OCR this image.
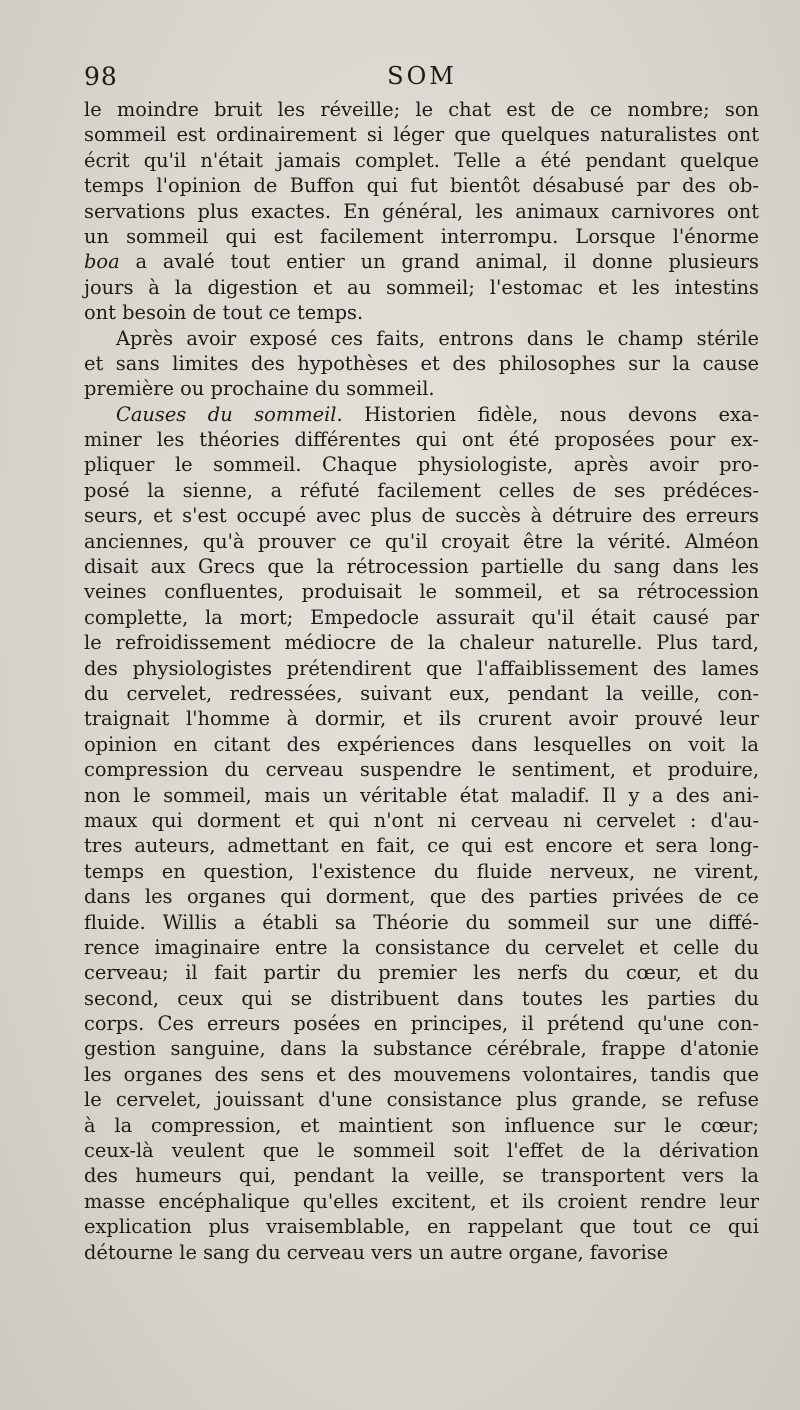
98	SOM
le moindre bruit les réveille; le chat est de ce nombre; son
sommeil est ordinairement si léger que quelques naturalistes ont
écrit qu'il n'était jamais complet. Telle a été pendant quelque
temps l'opinion de Buffon qui fut bientôt désabusé par des ob-
servations plus exactes. En général, les animaux carnivores ont
un sommeil qui est facilement interrompu. Lorsque l'énorme
boa a avalé tout entier un grand animal, il donne plusieurs
jours à la digestion et au sommeil; l'estomac et les intestins
ont besoin de tout ce temps.
Après avoir exposé ces faits, entrons dans le champ stérile
et sans limites des hypothèses et des philosophes sur la cause
première ou prochaine du sommeil.
Causes du sommeil. Historien fidèle, nous devons exa-
miner les théories différentes qui ont été proposées pour ex-
pliquer le sommeil. Chaque physiologiste, après avoir pro-
posé la sienne, a réfuté facilement celles de ses prédéces-
seurs, et s'est occupé avec plus de succès à détruire des erreurs
anciennes, qu'à prouver ce qu'il croyait être la vérité. Alméon
disait aux Grecs que la rétrocession partielle du sang dans les
veines confluentes, produisait le sommeil, et sa rétrocession
complette, la mort; Empedocle assurait qu'il était causé par
le refroidissement médiocre de la chaleur naturelle. Plus tard,
des physiologistes prétendirent que l'affaiblissement des lames
du cervelet, redressées, suivant eux, pendant la veille, con-
traignait l'homme à dormir, et ils crurent avoir prouvé leur
opinion en citant des expériences dans lesquelles on voit la
compression du cerveau suspendre le sentiment, et produire,
non le sommeil, mais un véritable état maladif. Il y a des ani-
maux qui dorment et qui n'ont ni cerveau ni cervelet : d'au-
tres auteurs, admettant en fait, ce qui est encore et sera long-
temps en question, l'existence du fluide nerveux, ne virent,
dans les organes qui dorment, que des parties privées de ce
fluide. Willis a établi sa Théorie du sommeil sur une diffé-
rence imaginaire entre la consistance du cervelet et celle du
cerveau; il fait partir du premier les nerfs du cœur, et du
second, ceux qui se distribuent dans toutes les parties du
corps. Ces erreurs posées en principes, il prétend qu'une con-
gestion sanguine, dans la substance cérébrale, frappe d'atonie
les organes des sens et des mouvemens volontaires, tandis que
le cervelet, jouissant d'une consistance plus grande, se refuse
à la compression, et maintient son influence sur le cœur;
ceux-là veulent que le sommeil soit l'effet de la dérivation
des humeurs qui, pendant la veille, se transportent vers la
masse encéphalique qu'elles excitent, et ils croient rendre leur
explication plus vraisemblable, en rappelant que tout ce qui
détourne le sang du cerveau vers un autre organe, favorise
